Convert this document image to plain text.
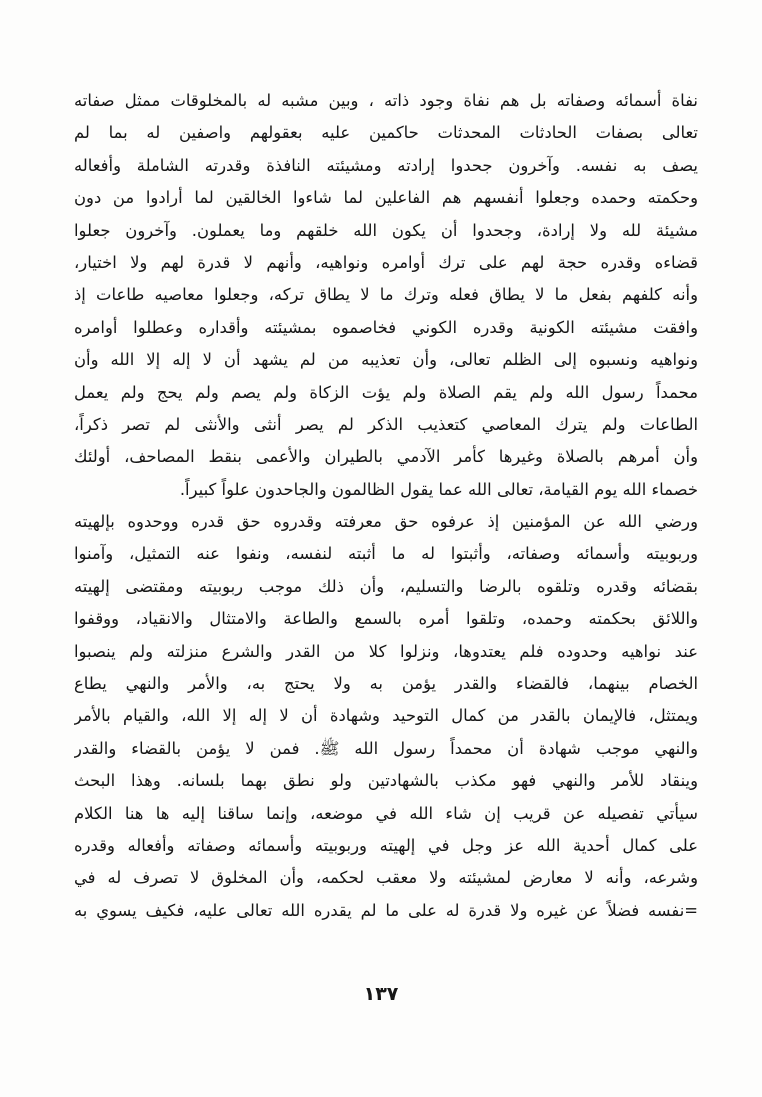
نفاة أسمائه وصفاته بل هم نفاة وجود ذاته ، وبين مشبه له بالمخلوقات ممثل صفاته
تعالى بصفات الحادثات المحدثات حاكمين عليه بعقولهم واصفين له بما لم
يصف به نفسه. وآخرون جحدوا إرادته ومشيئته النافذة وقدرته الشاملة وأفعاله
وحكمته وحمده وجعلوا أنفسهم هم الفاعلين لما شاءوا الخالقين لما أرادوا من دون
مشيئة لله ولا إرادة، وجحدوا أن يكون الله خلقهم وما يعملون. وآخرون جعلوا
قضاءه وقدره حجة لهم على ترك أوامره ونواهيه، وأنهم لا قدرة لهم ولا اختيار،
وأنه كلفهم بفعل ما لا يطاق فعله وترك ما لا يطاق تركه، وجعلوا معاصيه طاعات إذ
وافقت مشيئته الكونية وقدره الكوني فخاصموه بمشيئته وأقداره وعطلوا أوامره
ونواهيه ونسبوه إلى الظلم تعالى، وأن تعذيبه من لم يشهد أن لا إله إلا الله وأن
محمداً رسول الله ولم يقم الصلاة ولم يؤت الزكاة ولم يصم ولم يحج ولم يعمل
الطاعات ولم يترك المعاصي كتعذيب الذكر لم يصر أنثى والأنثى لم تصر ذكراً،
وأن أمرهم بالصلاة وغيرها كأمر الآدمي بالطيران والأعمى بنقط المصاحف، أولئك
خصماء الله يوم القيامة، تعالى الله عما يقول الظالمون والجاحدون علواً كبيراً.
ورضي الله عن المؤمنين إذ عرفوه حق معرفته وقدروه حق قدره ووحدوه بإلهيته
وربوبيته وأسمائه وصفاته، وأثبتوا له ما أثبته لنفسه، ونفوا عنه التمثيل، وآمنوا
بقضائه وقدره وتلقوه بالرضا والتسليم، وأن ذلك موجب ربوبيته ومقتضى إلهيته
واللائق بحكمته وحمده، وتلقوا أمره بالسمع والطاعة والامتثال والانقياد، ووقفوا
عند نواهيه وحدوده فلم يعتدوها، ونزلوا كلا من القدر والشرع منزلته ولم ينصبوا
الخصام بينهما، فالقضاء والقدر يؤمن به ولا يحتج به، والأمر والنهي يطاع
ويمتثل، فالإيمان بالقدر من كمال التوحيد وشهادة أن لا إله إلا الله، والقيام بالأمر
والنهي موجب شهادة أن محمداً رسول الله ﷺ. فمن لا يؤمن بالقضاء والقدر
وينقاد للأمر والنهي فهو مكذب بالشهادتين ولو نطق بهما بلسانه. وهذا البحث
سيأتي تفصيله عن قريب إن شاء الله في موضعه، وإنما ساقنا إليه ها هنا الكلام
على كمال أحدية الله عز وجل في إلهيته وربوبيته وأسمائه وصفاته وأفعاله وقدره
وشرعه، وأنه لا معارض لمشيئته ولا معقب لحكمه، وأن المخلوق لا تصرف له في
=نفسه فضلاً عن غيره ولا قدرة له على ما لم يقدره الله تعالى عليه، فكيف يسوي به
١٣٧
